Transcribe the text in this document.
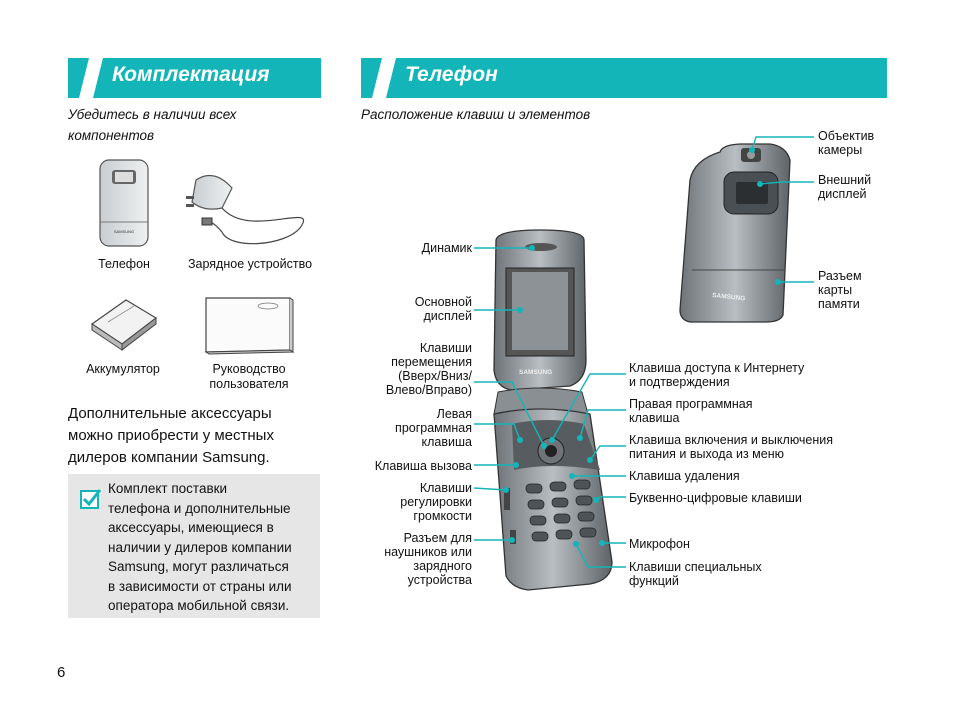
Комплектация	Телефон
Убедитесь в наличии всех
компонентов
Расположение клавиш и элементов
SAMSUNG
SAMSUNG
SAMSUNG
Телефон	Зарядное устройство
Аккумулятор	Руководство
пользователя
Дополнительные аксессуары
можно приобрести у местных
дилеров компании Samsung.
Комплект поставки
телефона и дополнительные
аксессуары, имеющиеся в
наличии у дилеров компании
Samsung, могут различаться
в зависимости от страны или
оператора мобильной связи.
Объектив
камеры
Внешний
дисплей
Разъем
карты
памяти
Динамик
Основной
дисплей
Клавиши
перемещения
(Вверх/Вниз/
Влево/Вправо)
Левая
программная
клавиша
Клавиша вызова
Клавиши
регулировки
громкости
Разъем для
наушников или
зарядного
устройства
Клавиша доступа к Интернету
и подтверждения
Правая программная
клавиша
Клавиша включения и выключения
питания и выхода из меню
Клавиша удаления
Буквенно-цифровые клавиши
Микрофон
Клавиши специальных
функций
6
